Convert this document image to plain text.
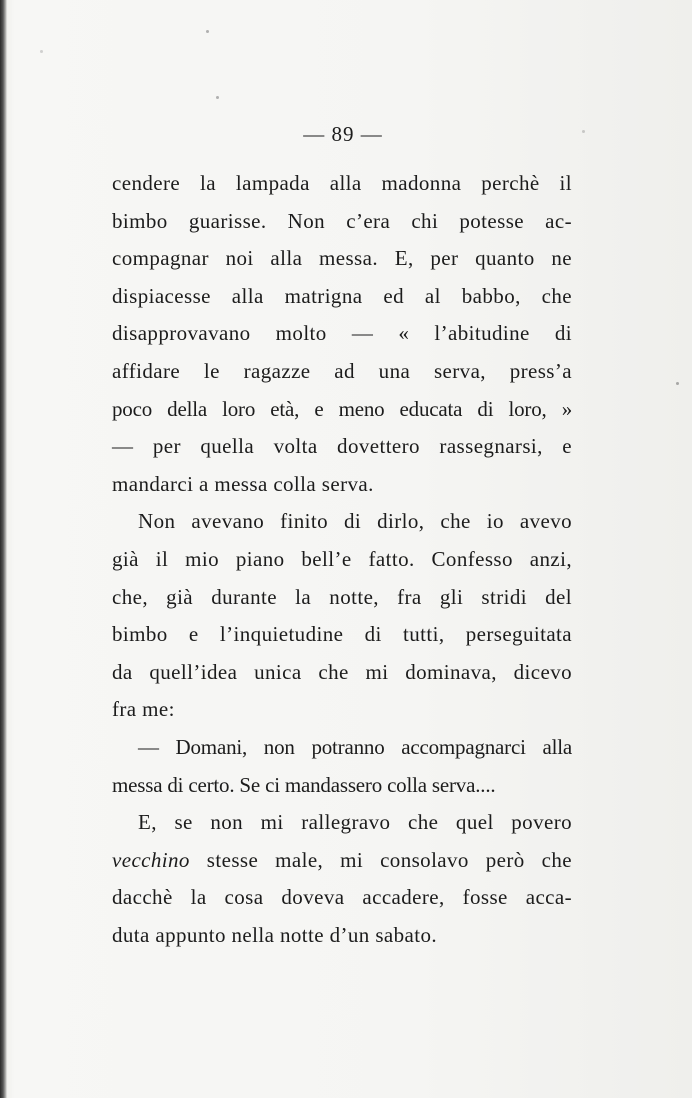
— 89 —
cendere la lampada alla madonna perchè il
bimbo guarisse. Non c’era chi potesse ac-
compagnar noi alla messa. E, per quanto ne
dispiacesse alla matrigna ed al babbo, che
disapprovavano molto — « l’abitudine di
affidare le ragazze ad una serva, press’a
poco della loro età, e meno educata di loro, »
— per quella volta dovettero rassegnarsi, e
mandarci a messa colla serva.
Non avevano finito di dirlo, che io avevo
già il mio piano bell’e fatto. Confesso anzi,
che, già durante la notte, fra gli stridi del
bimbo e l’inquietudine di tutti, perseguitata
da quell’idea unica che mi dominava, dicevo
fra me:
— Domani, non potranno accompagnarci alla
messa di certo. Se ci mandassero colla serva....
E, se non mi rallegravo che quel povero
vecchino stesse male, mi consolavo però che
dacchè la cosa doveva accadere, fosse acca-
duta appunto nella notte d’un sabato.
